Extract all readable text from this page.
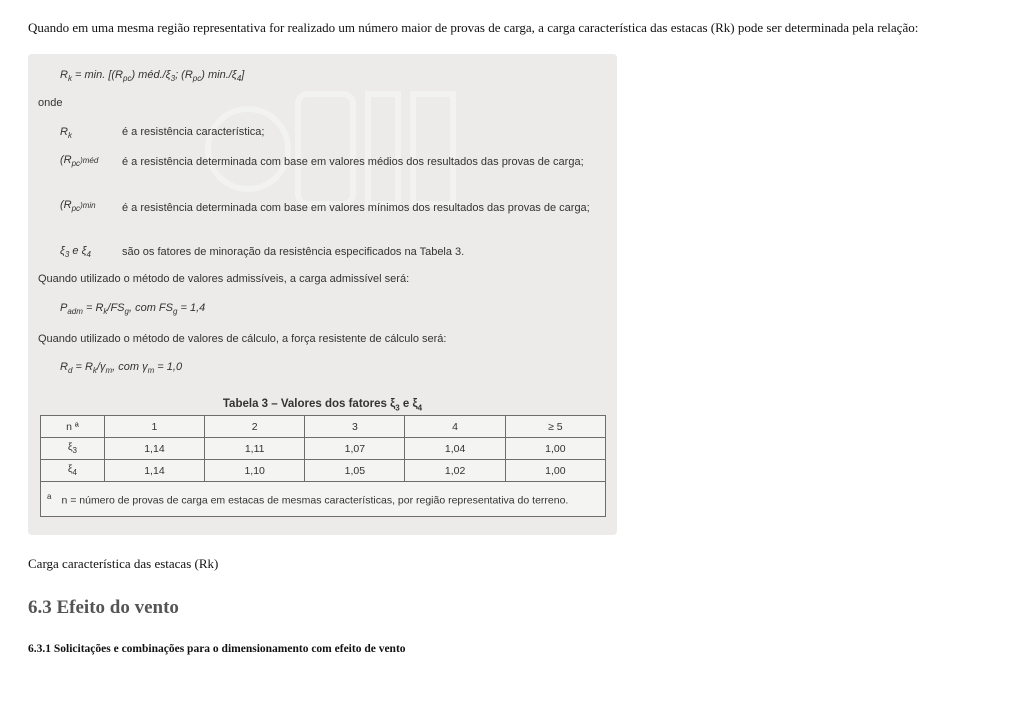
Quando em uma mesma região representativa for realizado um número maior de provas de carga, a carga característica das estacas (Rk) pode ser determinada pela relação:

$R_k = \min$. [$(R_{pc})$ $méd./\xi_3$; $(R_{pc})$ $\min./\xi_4$]
onde
$R_k$	é a resistência característica;
$(R_{pc})méd$ é a resistência determinada com base em valores médios dos resultados das provas de carga;
$(R_{pc})\min$ é a resistência determinada com base em valores mínimos dos resultados das provas de carga;
$\xi_3$ e $\xi_4$	são os fatores de minoração da resistência especificados na Tabela 3.
Quando utilizado o método de valores admissíveis, a carga admissível será:
$P_{adm} = R_k/FS_g$, com $FS_g = 1,4$
Quando utilizado o método de valores de cálculo, a força resistente de cálculo será:
$R_d = R_k/\gamma_m$, com $\gamma_m = 1,0$
Tabela 3 – Valores dos fatores $\xi_3$ e $\xi_4$
n ª	1	2	3	4	≥ 5
$\xi_3$	1,14	1,11	1,07	1,04	1,00
$\xi_4$	1,14	1,10	1,05	1,02	1,00
$^a$ n = número de provas de carga em estacas de mesmas características, por região representativa do terreno.					

Carga característica das estacas (Rk)

6.3 Efeito do vento
6.3.1 Solicitações e combinações para o dimensionamento com efeito de vento
